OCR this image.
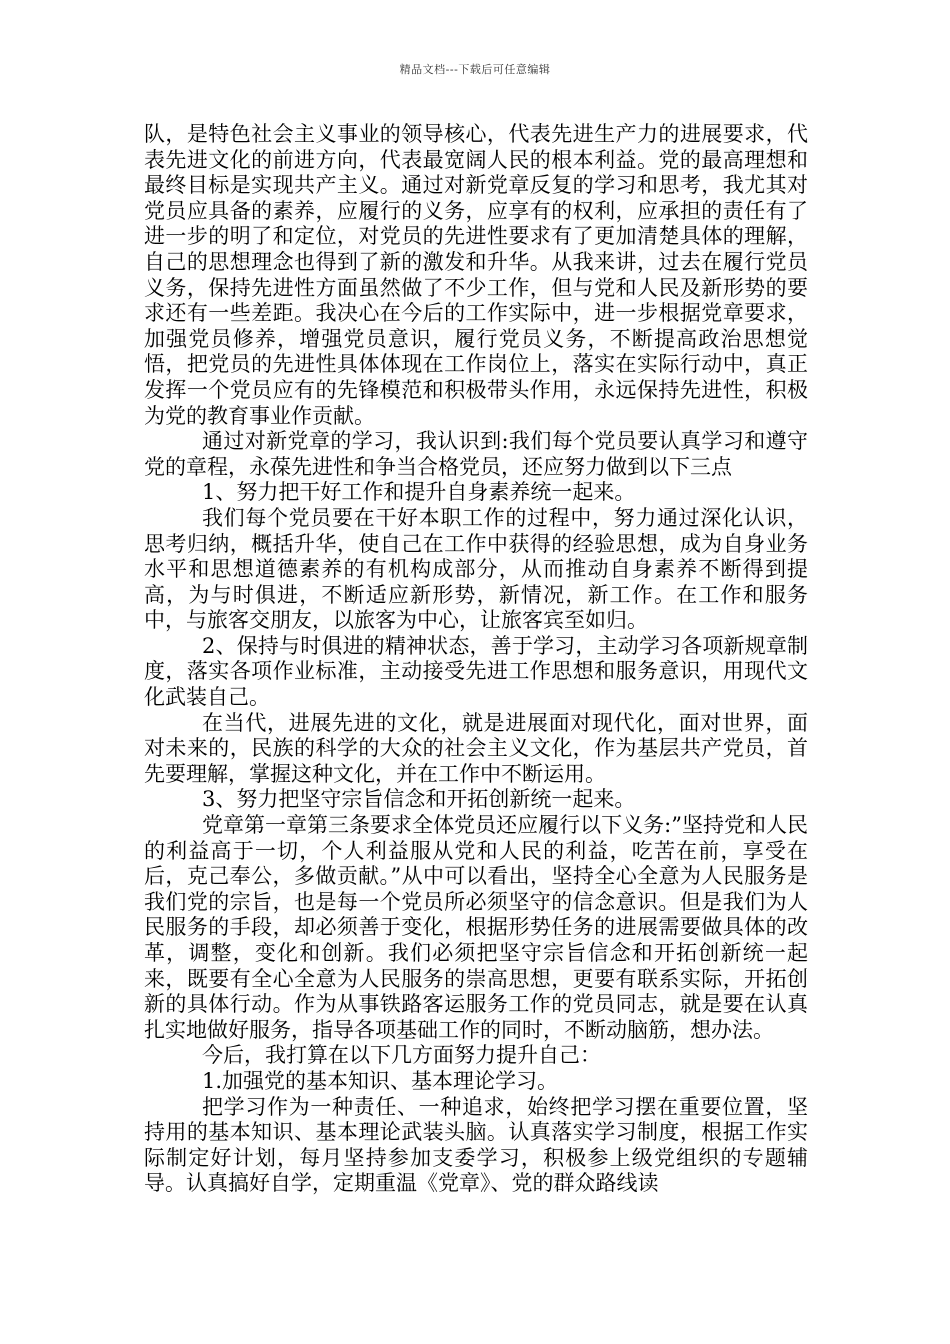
精品文档---下载后可任意编辑

队，是特色社会主义事业的领导核心，代表先进生产力的进展要求，代表先进文化的前进方向，代表最宽阔人民的根本利益。党的最高理想和最终目标是实现共产主义。通过对新党章反复的学习和思考，我尤其对党员应具备的素养，应履行的义务，应享有的权利，应承担的责任有了进一步的明了和定位，对党员的先进性要求有了更加清楚具体的理解，自己的思想理念也得到了新的激发和升华。从我来讲，过去在履行党员义务，保持先进性方面虽然做了不少工作，但与党和人民及新形势的要求还有一些差距。我决心在今后的工作实际中，进一步根据党章要求，加强党员修养，增强党员意识，履行党员义务，不断提高政治思想觉悟，把党员的先进性具体体现在工作岗位上，落实在实际行动中，真正发挥一个党员应有的先锋模范和积极带头作用，永远保持先进性，积极为党的教育事业作贡献。

通过对新党章的学习，我认识到:我们每个党员要认真学习和遵守党的章程，永葆先进性和争当合格党员，还应努力做到以下三点

1、努力把干好工作和提升自身素养统一起来。

我们每个党员要在干好本职工作的过程中，努力通过深化认识，思考归纳，概括升华，使自己在工作中获得的经验思想，成为自身业务水平和思想道德素养的有机构成部分，从而推动自身素养不断得到提高，为与时俱进，不断适应新形势，新情况，新工作。在工作和服务中，与旅客交朋友，以旅客为中心，让旅客宾至如归。

2、保持与时俱进的精神状态，善于学习，主动学习各项新规章制度，落实各项作业标准，主动接受先进工作思想和服务意识，用现代文化武装自己。

在当代，进展先进的文化，就是进展面对现代化，面对世界，面对未来的，民族的科学的大众的社会主义文化，作为基层共产党员，首先要理解，掌握这种文化，并在工作中不断运用。

3、努力把坚守宗旨信念和开拓创新统一起来。

党章第一章第三条要求全体党员还应履行以下义务:”坚持党和人民的利益高于一切，个人利益服从党和人民的利益，吃苦在前，享受在后，克己奉公，多做贡献。”从中可以看出，坚持全心全意为人民服务是我们党的宗旨，也是每一个党员所必须坚守的信念意识。但是我们为人民服务的手段，却必须善于变化，根据形势任务的进展需要做具体的改革，调整，变化和创新。我们必须把坚守宗旨信念和开拓创新统一起来，既要有全心全意为人民服务的崇高思想，更要有联系实际，开拓创新的具体行动。作为从事铁路客运服务工作的党员同志，就是要在认真扎实地做好服务，指导各项基础工作的同时，不断动脑筋，想办法。

今后，我打算在以下几方面努力提升自己：

1.加强党的基本知识、基本理论学习。

把学习作为一种责任、一种追求，始终把学习摆在重要位置，坚持用的基本知识、基本理论武装头脑。认真落实学习制度，根据工作实际制定好计划，每月坚持参加支委学习，积极参上级党组织的专题辅导。认真搞好自学，定期重温《党章》、党的群众路线读
